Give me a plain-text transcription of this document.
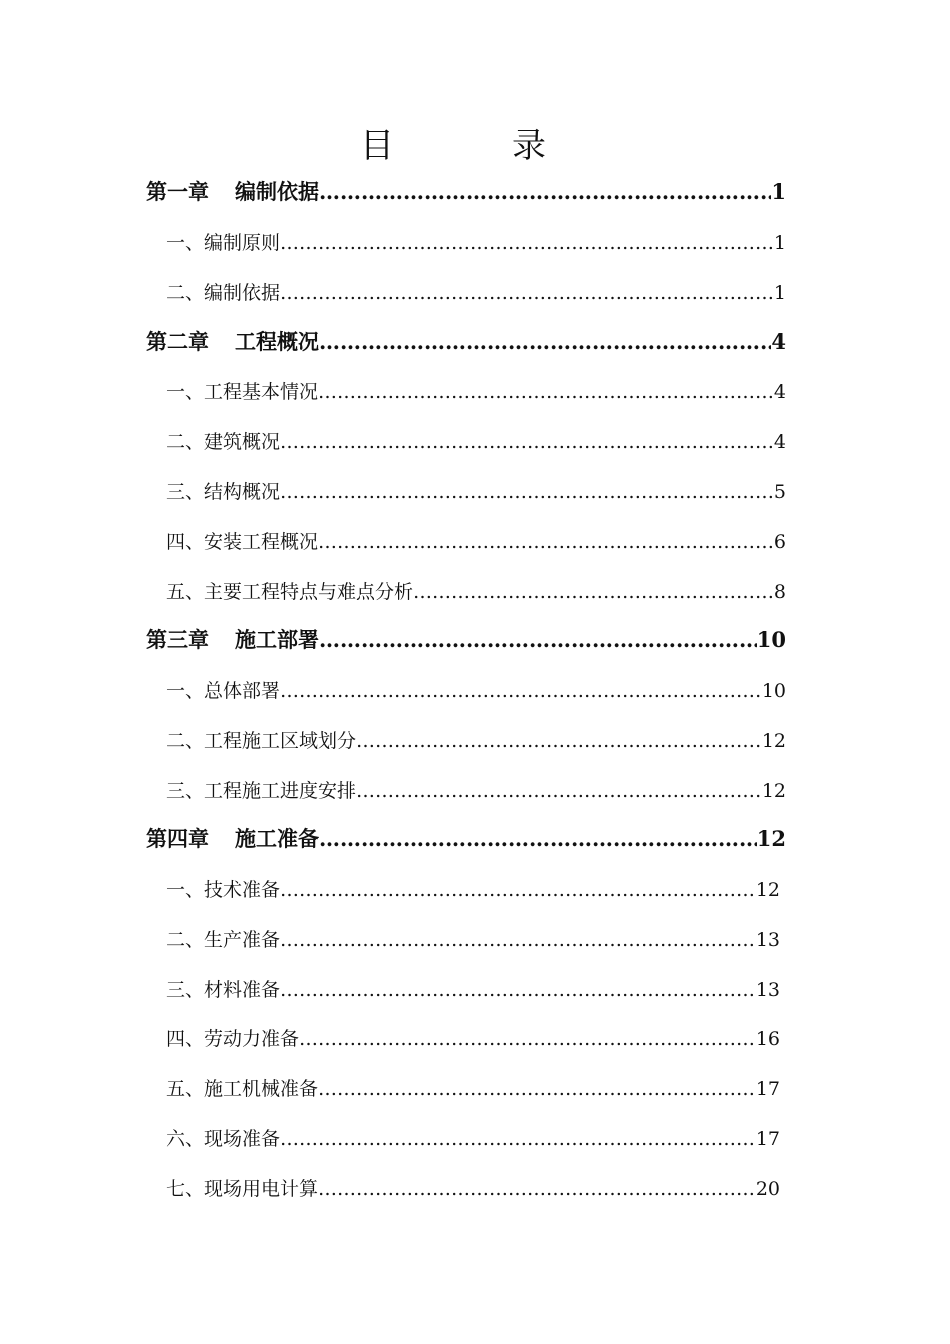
目	录
第一章 编制依据 …………………………………………………………………………………………………………………………………………	1
一、编制原则 …………………………………………………………………………………………………………………………………………	1
二、编制依据 …………………………………………………………………………………………………………………………………………	1
第二章 工程概况 …………………………………………………………………………………………………………………………………………	4
一、工程基本情况 …………………………………………………………………………………………………………………………………………	4
二、建筑概况 …………………………………………………………………………………………………………………………………………	4
三、结构概况 …………………………………………………………………………………………………………………………………………	5
四、安装工程概况 …………………………………………………………………………………………………………………………………………	6
五、主要工程特点与难点分析 …………………………………………………………………………………………………………………………………………	8
第三章 施工部署 …………………………………………………………………………………………………………………………………………	10
一、总体部署 …………………………………………………………………………………………………………………………………………	10
二、工程施工区域划分 …………………………………………………………………………………………………………………………………………	12
三、工程施工进度安排 …………………………………………………………………………………………………………………………………………	12
第四章 施工准备 …………………………………………………………………………………………………………………………………………	12
一、技术准备 …………………………………………………………………………………………………………………………………………	12
二、生产准备 …………………………………………………………………………………………………………………………………………	13
三、材料准备 …………………………………………………………………………………………………………………………………………	13
四、劳动力准备 …………………………………………………………………………………………………………………………………………	16
五、施工机械准备 …………………………………………………………………………………………………………………………………………	17
六、现场准备 …………………………………………………………………………………………………………………………………………	17
七、现场用电计算 …………………………………………………………………………………………………………………………………………	20
